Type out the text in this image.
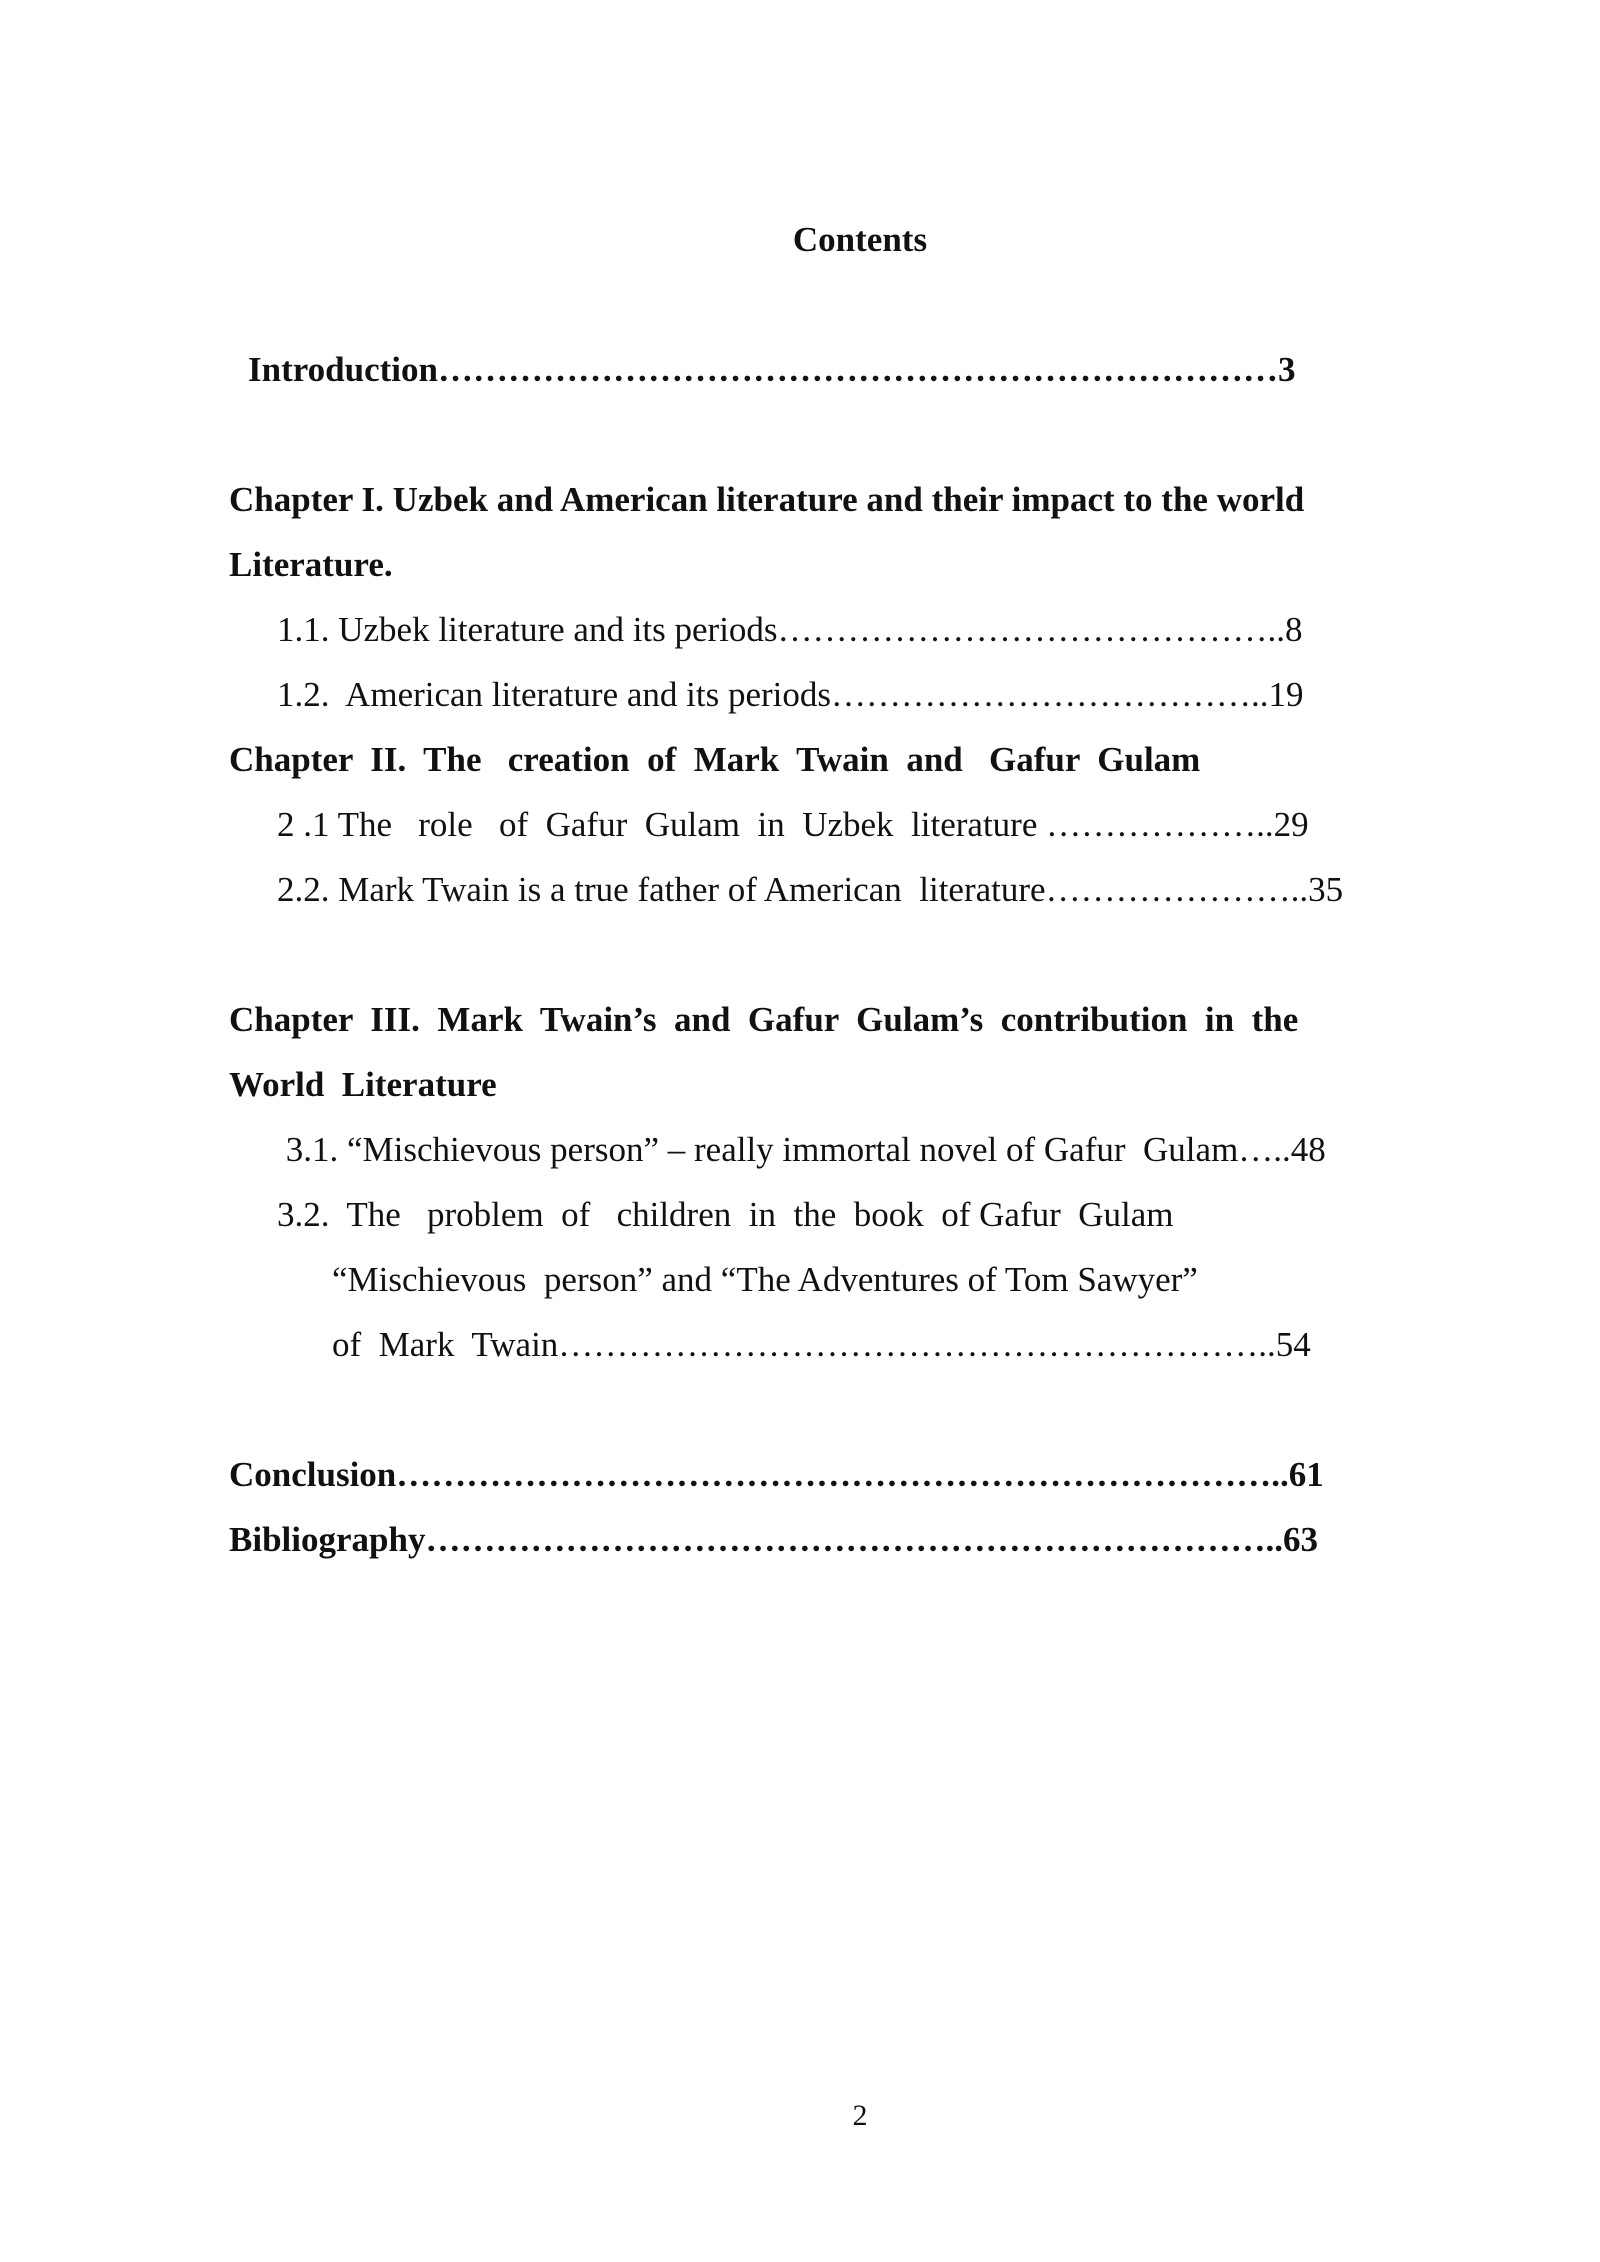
Contents
Introduction………………………………………………………………3
Chapter I. Uzbek and American literature and their impact to the world
Literature.
1.1. Uzbek literature and its periods……………………………………..8
1.2.  American literature and its periods………………………………..19
Chapter  II.  The   creation  of  Mark  Twain  and   Gafur  Gulam
2 .1 The   role   of  Gafur  Gulam  in  Uzbek  literature ………………..29
2.2. Mark Twain is a true father of American  literature…………………..35
Chapter  III.  Mark  Twain’s  and  Gafur  Gulam’s  contribution  in  the
World  Literature
3.1. “Mischievous person” – really immortal novel of Gafur  Gulam…..48
3.2.  The   problem  of   children  in  the  book  of Gafur  Gulam
“Mischievous  person” and “The Adventures of Tom Sawyer”
of  Mark  Twain……………………………………………………..54
Conclusion…………………………………………………………………..61
Bibliography………………………………………………………………..63
2
